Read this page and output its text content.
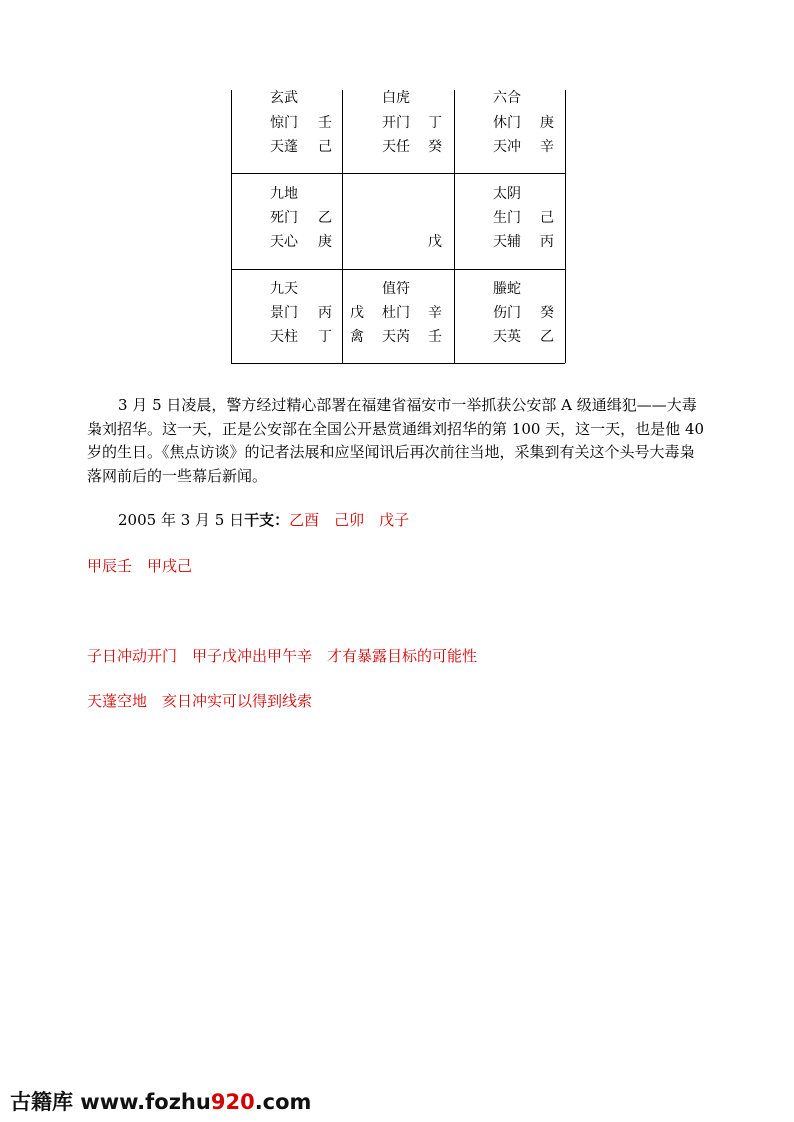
玄武
惊门 壬
天蓬 己
白虎
开门 丁
天任 癸
六合
休门 庚
天冲 辛
九地
死门 乙
天心 庚	戊
太阴
生门 己
天辅 丙
九天
景门 丙
天柱 丁
值符
戊 杜门 辛
禽 天芮 壬
螣蛇
伤门 癸
天英 乙
3 月 5 日凌晨，警方经过精心部署在福建省福安市一举抓获公安部 A 级通缉犯——大毒枭刘招华。这一天，正是公安部在全国公开悬赏通缉刘招华的第 100 天，这一天，也是他 40 岁的生日。《焦点访谈》的记者法展和应坚闻讯后再次前往当地，采集到有关这个头号大毒枭落网前后的一些幕后新闻。
2005 年 3 月 5 日干支：乙酉　己卯　戊子
甲辰壬　甲戌己
子日冲动开门　甲子戊冲出甲午辛　才有暴露目标的可能性
天蓬空地　亥日冲实可以得到线索
古籍库 www.fozhu920.com
